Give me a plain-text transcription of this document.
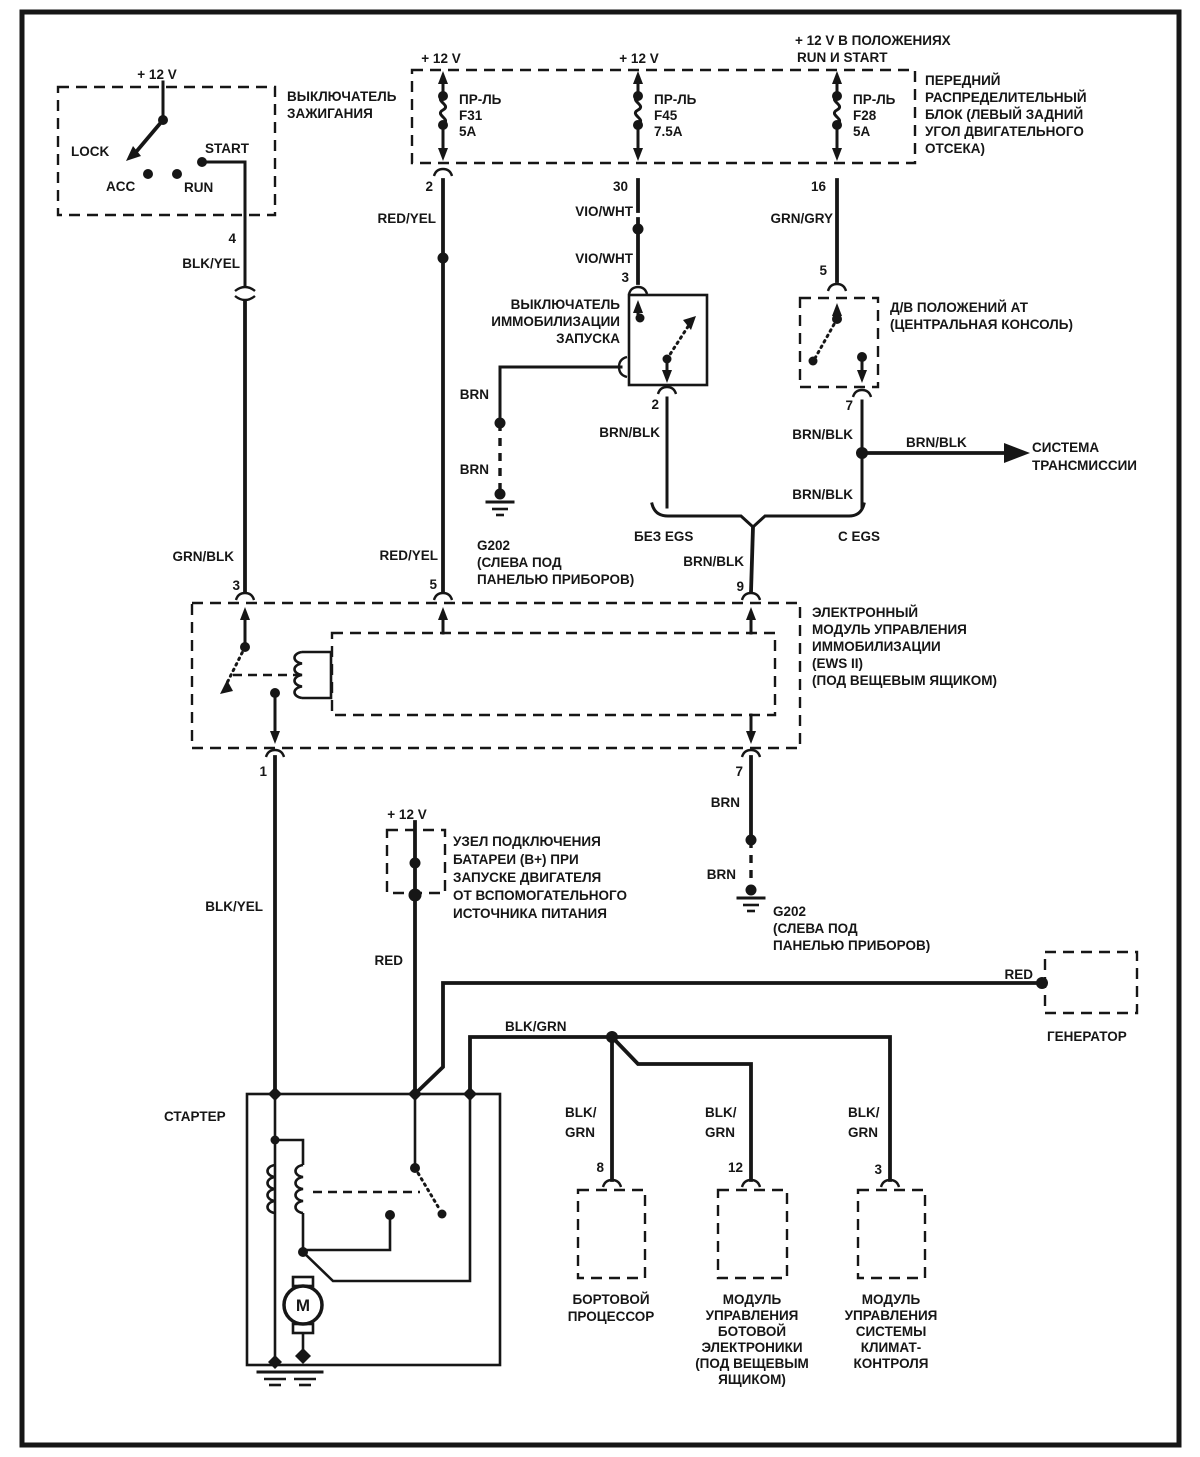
+ 12 V
LOCK	START
ACC	RUN
ВЫКЛЮЧАТЕЛЬ
ЗАЖИГАНИЯ
4
BLK/YEL
GRN/BLK
3
+ 12 V	+ 12 V
+ 12 V В ПОЛОЖЕНИЯХ
RUN И START
ПЕРЕДНИЙ
РАСПРЕДЕЛИТЕЛЬНЫЙ
БЛОК (ЛЕВЫЙ ЗАДНИЙ
УГОЛ ДВИГАТЕЛЬНОГО
ОТСЕКА)
ПР-ЛЬ
F31
5A
ПР-ЛЬ
F45
7.5A
ПР-ЛЬ
F28
5A
2	30	16
RED/YEL
RED/YEL
5
VIO/WHT
VIO/WHT
3
ВЫКЛЮЧАТЕЛЬ
ИММОБИЛИЗАЦИИ
ЗАПУСКА
BRN
BRN
G202
(СЛЕВА ПОД
ПАНЕЛЬЮ ПРИБОРОВ)
2
BRN/BLK
GRN/GRY
5
Д/В ПОЛОЖЕНИЙ АТ
(ЦЕНТРАЛЬНАЯ КОНСОЛЬ)
7
BRN/BLK
BRN/BLK
BRN/BLK	СИСТЕМА
ТРАНСМИССИИ
БЕЗ EGS	С EGS
BRN/BLK
9
ЭЛЕКТРОННЫЙ
МОДУЛЬ УПРАВЛЕНИЯ
ИММОБИЛИЗАЦИИ
(EWS II)
(ПОД ВЕЩЕВЫМ ЯЩИКОМ)
1	7
BRN
BRN
G202
(СЛЕВА ПОД
ПАНЕЛЬЮ ПРИБОРОВ)
BLK/YEL
+ 12 V
УЗЕЛ ПОДКЛЮЧЕНИЯ
БАТАРЕИ (В+) ПРИ
ЗАПУСКЕ ДВИГАТЕЛЯ
ОТ ВСПОМОГАТЕЛЬНОГО
ИСТОЧНИКА ПИТАНИЯ
RED
RED
ГЕНЕРАТОР
BLK/GRN
BLK/
GRN
BLK/
GRN
BLK/
GRN
СТАРТЕР
M
8	12	3
БОРТОВОЙ
ПРОЦЕССОР
МОДУЛЬ
УПРАВЛЕНИЯ
БОТОВОЙ
ЭЛЕКТРОНИКИ
(ПОД ВЕЩЕВЫМ
ЯЩИКОМ)
МОДУЛЬ
УПРАВЛЕНИЯ
СИСТЕМЫ
КЛИМАТ-
КОНТРОЛЯ
